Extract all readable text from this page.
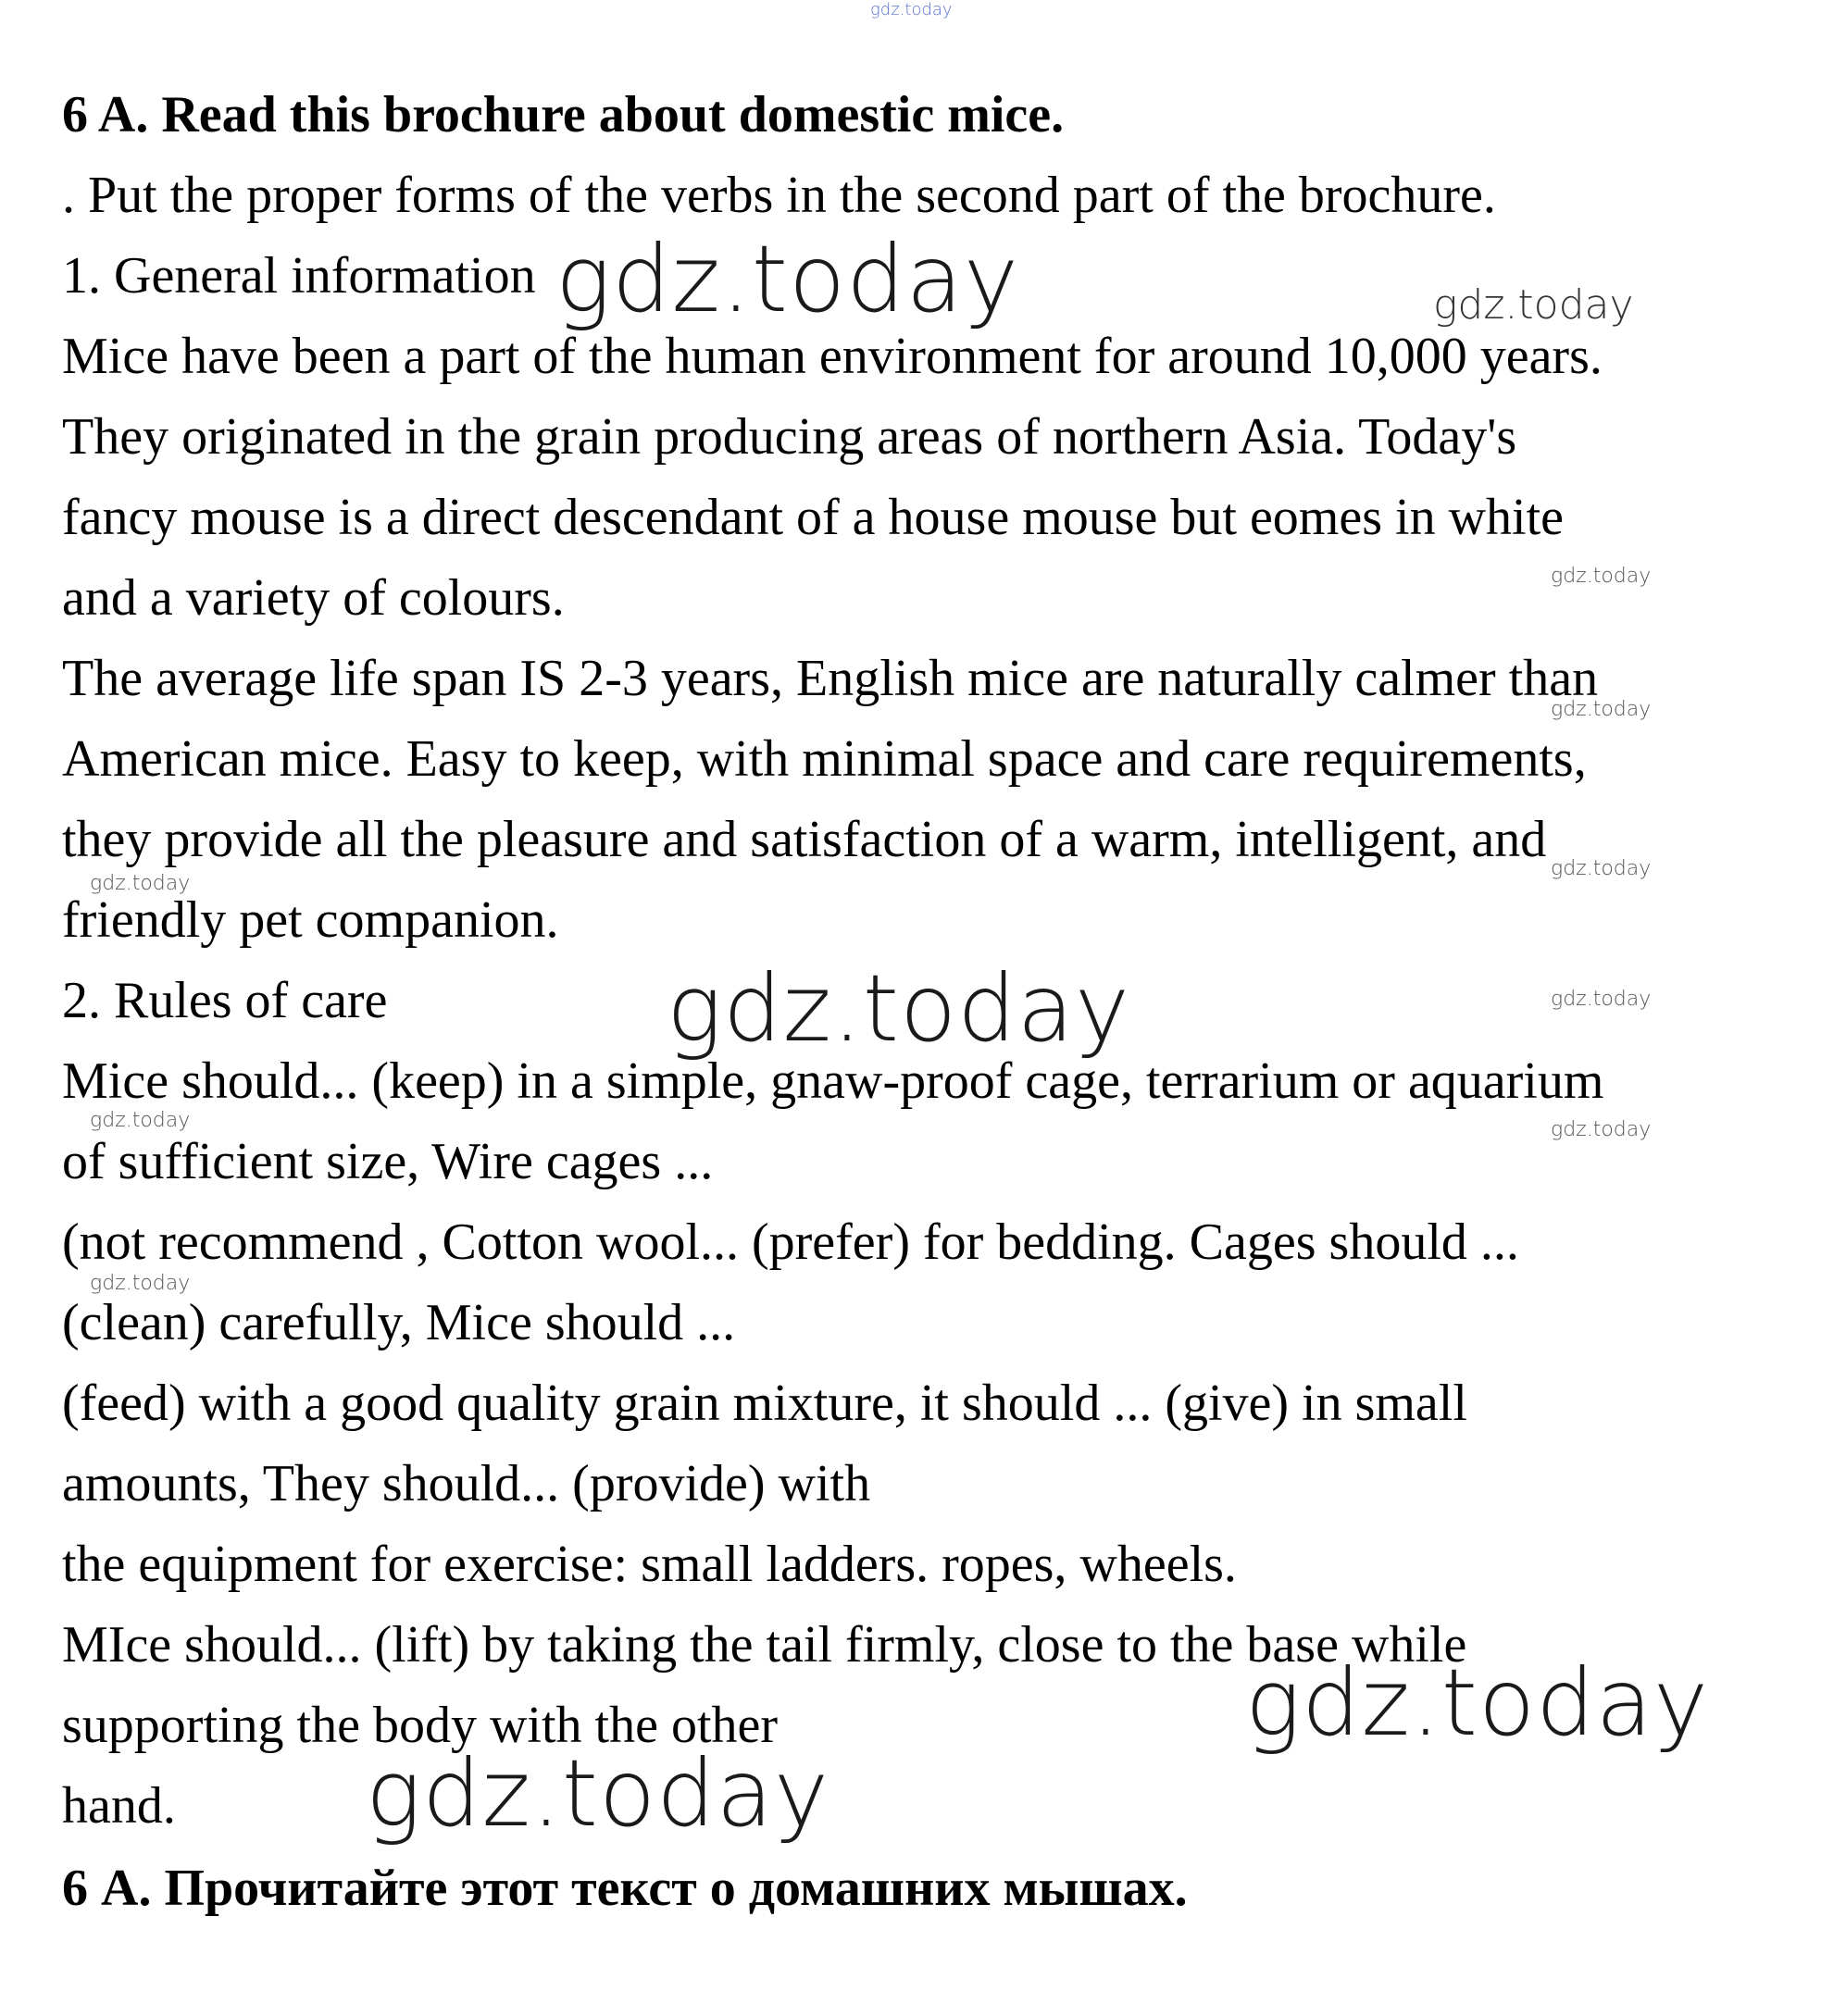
gdz.today
6 A. Read this brochure about domestic mice.
. Put the proper forms of the verbs in the second part of the brochure.
1. General information
Mice have been a part of the human environment for around 10,000 years.
They originated in the grain producing areas of northern Asia. Today's
fancy mouse is a direct descendant of a house mouse but eomes in white
and a variety of colours.
The average life span IS 2-3 years, English mice are naturally calmer than
American mice. Easy to keep, with minimal space and care requirements,
they provide all the pleasure and satisfaction of a warm, intelligent, and
friendly pet companion.
2. Rules of care
Mice should... (keep) in a simple, gnaw-proof cage, terrarium or aquarium
of sufficient size, Wire cages ...
(not recommend , Cotton wool... (prefer) for bedding. Cages should ...
(clean) carefully, Mice should ...
(feed) with a good quality grain mixture, it should ... (give) in small
amounts, They should... (provide) with
the equipment for exercise: small ladders. ropes, wheels.
MIce should... (lift) by taking the tail firmly, close to the base while
supporting the body with the other
hand.
6 А. Прочитайте этот текст о домашних мышах.
gdz.today
gdz.today
gdz.today
gdz.today
gdz.today
gdz.today
gdz.today
gdz.today
gdz.today
gdz.today
gdz.today	gdz.today
gdz.today
